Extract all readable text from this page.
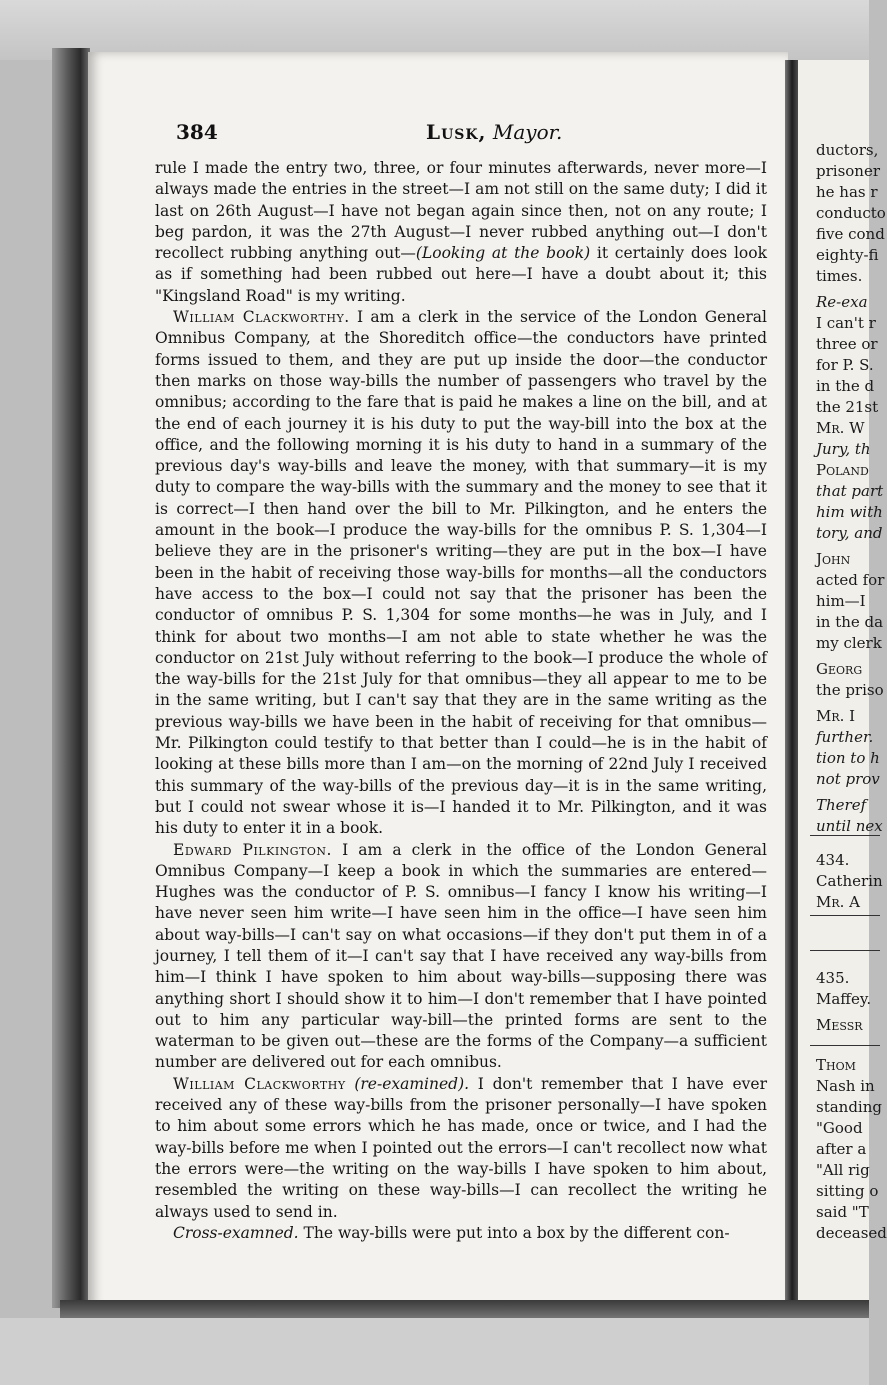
ductors,
prisoner
he has r
conducto
five cond
eighty-fi
times.
Re-exa
I can't r
three or
for P. S.
in the d
the 21st
Mr. W
Jury, th
Poland
that part
him with
tory, and
John
acted for
him—I
in the da
my clerk
Georg
the priso
Mr. I
further.
tion to h
not prov
Theref
until nex
434.
Catherin
Mr. A
435.
Maffey.
Messr
Thom
Nash in
standing
"Good
after a
"All rig
sitting o
said "T
deceased
384	Lusk, Mayor.

rule I made the entry two, three, or four minutes afterwards, never more—I always made the entries in the street—I am not still on the same duty; I did it last on 26th August—I have not began again since then, not on any route; I beg pardon, it was the 27th August—I never rubbed anything out—I don't recollect rubbing anything out—(Looking at the book) it certainly does look as if something had been rubbed out here—I have a doubt about it; this "Kingsland Road" is my writing.

William Clackworthy. I am a clerk in the service of the London General Omnibus Company, at the Shoreditch office—the conductors have printed forms issued to them, and they are put up inside the door—the conductor then marks on those way-bills the number of passengers who travel by the omnibus; according to the fare that is paid he makes a line on the bill, and at the end of each journey it is his duty to put the way-bill into the box at the office, and the following morning it is his duty to hand in a summary of the previous day's way-bills and leave the money, with that summary—it is my duty to compare the way-bills with the summary and the money to see that it is correct—I then hand over the bill to Mr. Pilkington, and he enters the amount in the book—I produce the way-bills for the omnibus P. S. 1,304—I believe they are in the prisoner's writing—they are put in the box—I have been in the habit of receiving those way-bills for months—all the conductors have access to the box—I could not say that the prisoner has been the conductor of omnibus P. S. 1,304 for some months—he was in July, and I think for about two months—I am not able to state whether he was the conductor on 21st July without referring to the book—I produce the whole of the way-bills for the 21st July for that omnibus—they all appear to me to be in the same writing, but I can't say that they are in the same writing as the previous way-bills we have been in the habit of receiving for that omnibus—Mr. Pilkington could testify to that better than I could—he is in the habit of looking at these bills more than I am—on the morning of 22nd July I received this summary of the way-bills of the previous day—it is in the same writing, but I could not swear whose it is—I handed it to Mr. Pilkington, and it was his duty to enter it in a book.

Edward Pilkington. I am a clerk in the office of the London General Omnibus Company—I keep a book in which the summaries are entered—Hughes was the conductor of P. S. omnibus—I fancy I know his writing—I have never seen him write—I have seen him in the office—I have seen him about way-bills—I can't say on what occasions—if they don't put them in of a journey, I tell them of it—I can't say that I have received any way-bills from him—I think I have spoken to him about way-bills—supposing there was anything short I should show it to him—I don't remember that I have pointed out to him any particular way-bill—the printed forms are sent to the waterman to be given out—these are the forms of the Company—a sufficient number are delivered out for each omnibus.

William Clackworthy (re-examined). I don't remember that I have ever received any of these way-bills from the prisoner personally—I have spoken to him about some errors which he has made, once or twice, and I had the way-bills before me when I pointed out the errors—I can't recollect now what the errors were—the writing on the way-bills I have spoken to him about, resembled the writing on these way-bills—I can recollect the writing he always used to send in.

Cross-examned. The way-bills were put into a box by the different con-
